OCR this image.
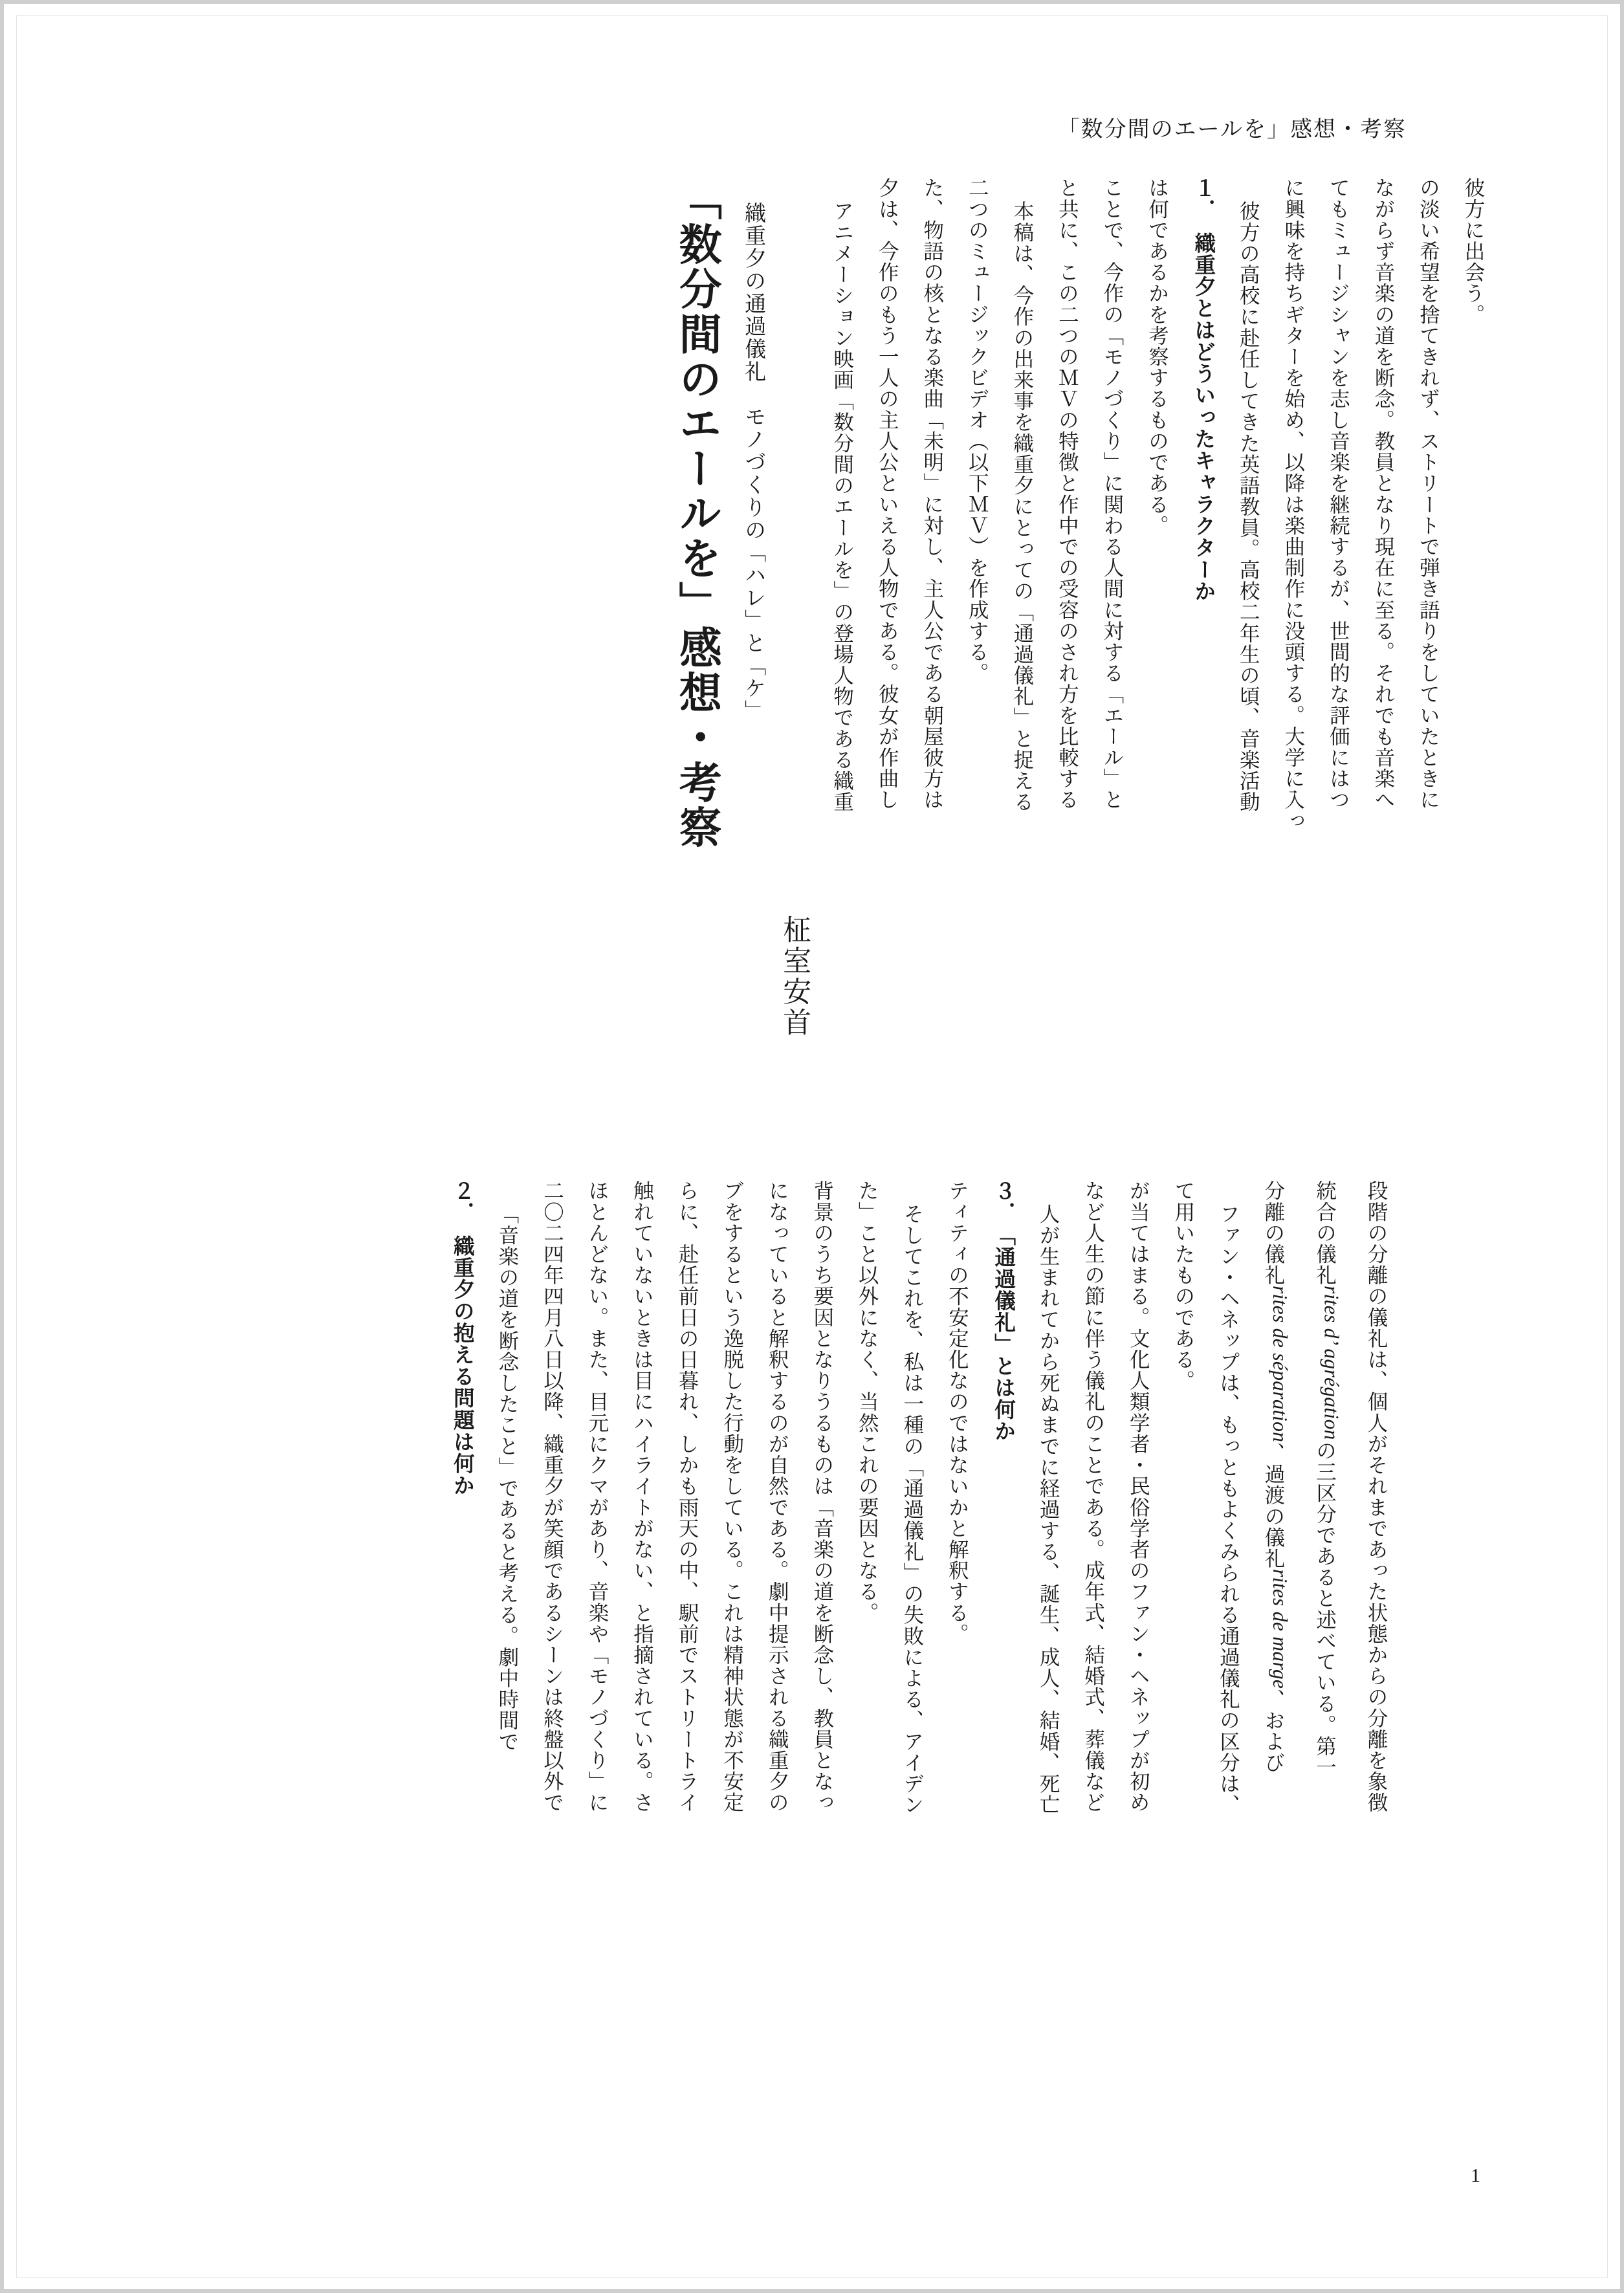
「数分間のエールを」感想・考察
「数分間のエールを」感想・考察 織重夕の通過儀礼　モノづくりの「ハレ」と「ケ」
柾室安首
アニメーション映画「数分間のエールを」の登場人物である織重	夕は、今作のもう一人の主人公といえる人物である。彼女が作曲し	た、物語の核となる楽曲「未明」に対し、主人公である朝屋彼方は	二つのミュージックビデオ（以下ＭＶ）を作成する。	本稿は、今作の出来事を織重夕にとっての「通過儀礼」と捉える	と共に、この二つのＭＶの特徴と作中での受容のされ方を比較する	ことで、今作の「モノづくり」に関わる人間に対する「エール」と	は何であるかを考察するものである。	１．　織重夕とはどういったキャラクターか	彼方の高校に赴任してきた英語教員。高校二年生の頃、音楽活動	に興味を持ちギターを始め、以降は楽曲制作に没頭する。大学に入っ	てもミュージシャンを志し音楽を継続するが、世間的な評価にはつ	ながらず音楽の道を断念。教員となり現在に至る。それでも音楽へ	の淡い希望を捨てきれず、ストリートで弾き語りをしていたときに	彼方に出会う。
２．　織重夕の抱える問題は何か	「音楽の道を断念したこと」であると考える。劇中時間で	二〇二四年四月八日以降、織重夕が笑顔であるシーンは終盤以外で	ほとんどない。また、目元にクマがあり、音楽や「モノづくり」に	触れていないときは目にハイライトがない、と指摘されている。さ	らに、赴任前日の日暮れ、しかも雨天の中、駅前でストリートライ	ブをするという逸脱した行動をしている。これは精神状態が不安定	になっていると解釈するのが自然である。劇中提示される織重夕の	背景のうち要因となりうるものは「音楽の道を断念し、教員となっ	た」こと以外になく、当然これの要因となる。	そしてこれを、私は一種の「通過儀礼」の失敗による、アイデン	ティティの不安定化なのではないかと解釈する。	３．　「通過儀礼」とは何か	人が生まれてから死ぬまでに経過する、誕生、成人、結婚、死亡	など人生の節に伴う儀礼のことである。成年式、結婚式、葬儀など	が当てはまる。文化人類学者・民俗学者のファン・ヘネップが初め	て用いたものである。	ファン・ヘネップは、もっともよくみられる通過儀礼の区分は、	分離の儀礼rites de séparation、過渡の儀礼rites de marge、および
統合の儀礼rites d’ agrégationの三区分であると述べている。第一	段階の分離の儀礼は、個人がそれまであった状態からの分離を象徴
1
